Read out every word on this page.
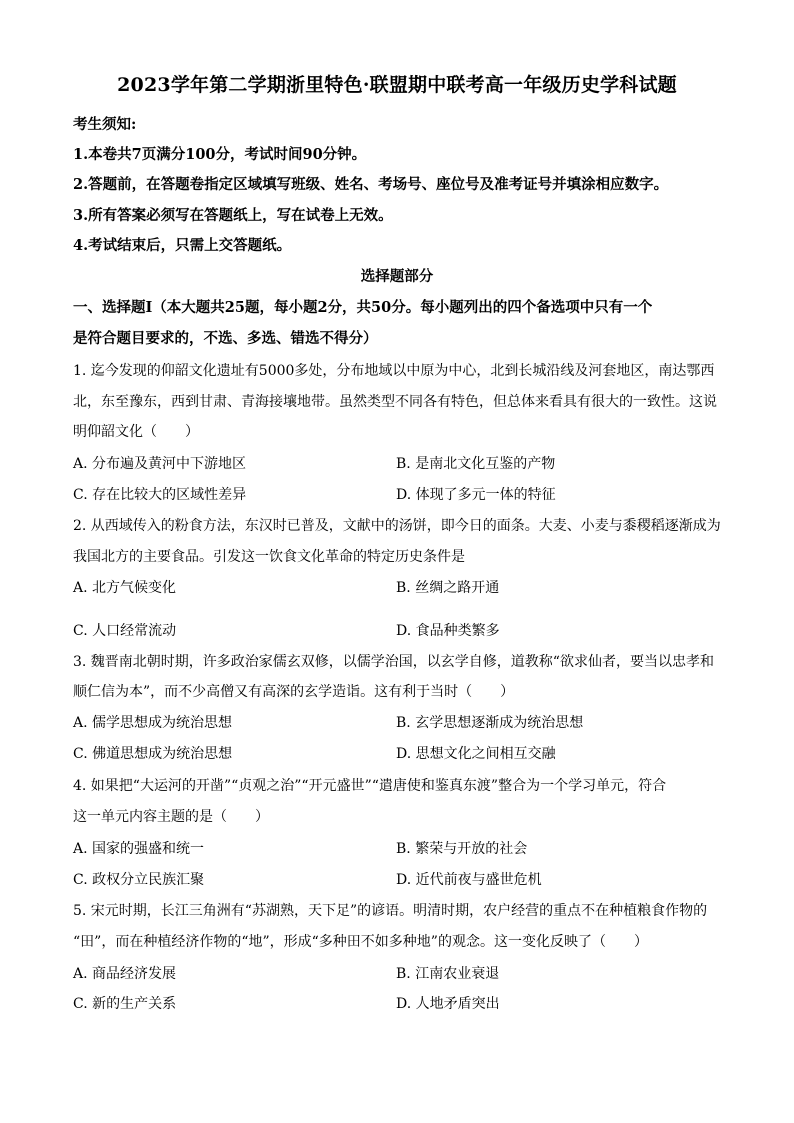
2023学年第二学期浙里特色·联盟期中联考高一年级历史学科试题
考生须知:
1.本卷共7页满分100分，考试时间90分钟。
2.答题前，在答题卷指定区域填写班级、姓名、考场号、座位号及准考证号并填涂相应数字。
3.所有答案必须写在答题纸上，写在试卷上无效。
4.考试结束后，只需上交答题纸。
选择题部分
一、选择题Ⅰ（本大题共25题，每小题2分，共50分。每小题列出的四个备选项中只有一个
是符合题目要求的，不选、多选、错选不得分）
1. 迄今发现的仰韶文化遗址有5000多处，分布地域以中原为中心，北到长城沿线及河套地区，南达鄂西
北，东至豫东，西到甘肃、青海接壤地带。虽然类型不同各有特色，但总体来看具有很大的一致性。这说
明仰韶文化（　　）
A. 分布遍及黄河中下游地区	B. 是南北文化互鉴的产物
C. 存在比较大的区域性差异	D. 体现了多元一体的特征
2. 从西域传入的粉食方法，东汉时已普及，文献中的汤饼，即今日的面条。大麦、小麦与黍稷稻逐渐成为
我国北方的主要食品。引发这一饮食文化革命的特定历史条件是
A. 北方气候变化	B. 丝绸之路开通
C. 人口经常流动	D. 食品种类繁多
3. 魏晋南北朝时期，许多政治家儒玄双修，以儒学治国，以玄学自修，道教称“欲求仙者，要当以忠孝和
顺仁信为本”，而不少高僧又有高深的玄学造诣。这有利于当时（　　）
A. 儒学思想成为统治思想	B. 玄学思想逐渐成为统治思想
C. 佛道思想成为统治思想	D. 思想文化之间相互交融
4. 如果把“大运河的开凿”“贞观之治”“开元盛世”“遣唐使和鉴真东渡”整合为一个学习单元，符合
这一单元内容主题的是（　　）
A. 国家的强盛和统一	B. 繁荣与开放的社会
C. 政权分立民族汇聚	D. 近代前夜与盛世危机
5. 宋元时期，长江三角洲有“苏湖熟，天下足”的谚语。明清时期，农户经营的重点不在种植粮食作物的
“田”，而在种植经济作物的“地”，形成“多种田不如多种地”的观念。这一变化反映了（　　）
A. 商品经济发展	B. 江南农业衰退
C. 新的生产关系	D. 人地矛盾突出
